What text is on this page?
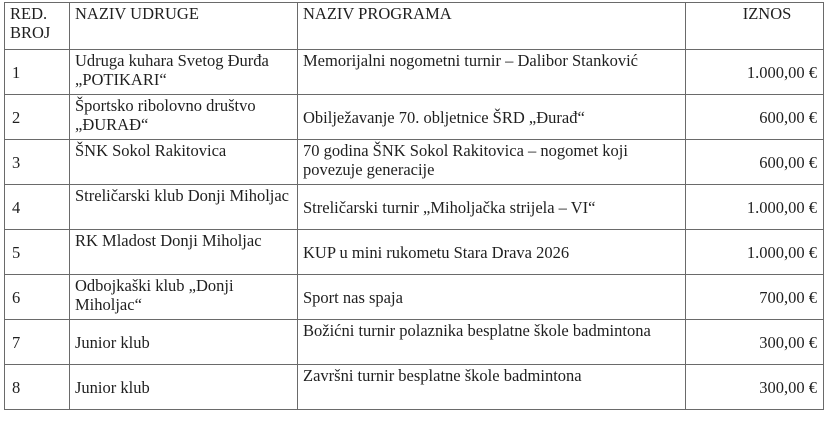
RED. BROJ	NAZIV UDRUGE	NAZIV PROGRAMA	IZNOS
1	Udruga kuhara Svetog Đurđa „POTIKARI“	Memorijalni nogometni turnir – Dalibor Stanković	1.000,00 €
2	Športsko ribolovno društvo „ĐURAĐ“	Obilježavanje 70. obljetnice ŠRD „Đurađ“	600,00 €
3	ŠNK Sokol Rakitovica	70 godina ŠNK Sokol Rakitovica – nogomet koji povezuje generacije	600,00 €
4	Streličarski klub Donji Miholjac	Streličarski turnir „Miholjačka strijela – VI“	1.000,00 €
5	RK Mladost Donji Miholjac	KUP u mini rukometu Stara Drava 2026	1.000,00 €
6	Odbojkaški klub „Donji Miholjac“	Sport nas spaja	700,00 €
7	Junior klub	Božićni turnir polaznika besplatne škole badmintona	300,00 €
8	Junior klub	Završni turnir besplatne škole badmintona	300,00 €
